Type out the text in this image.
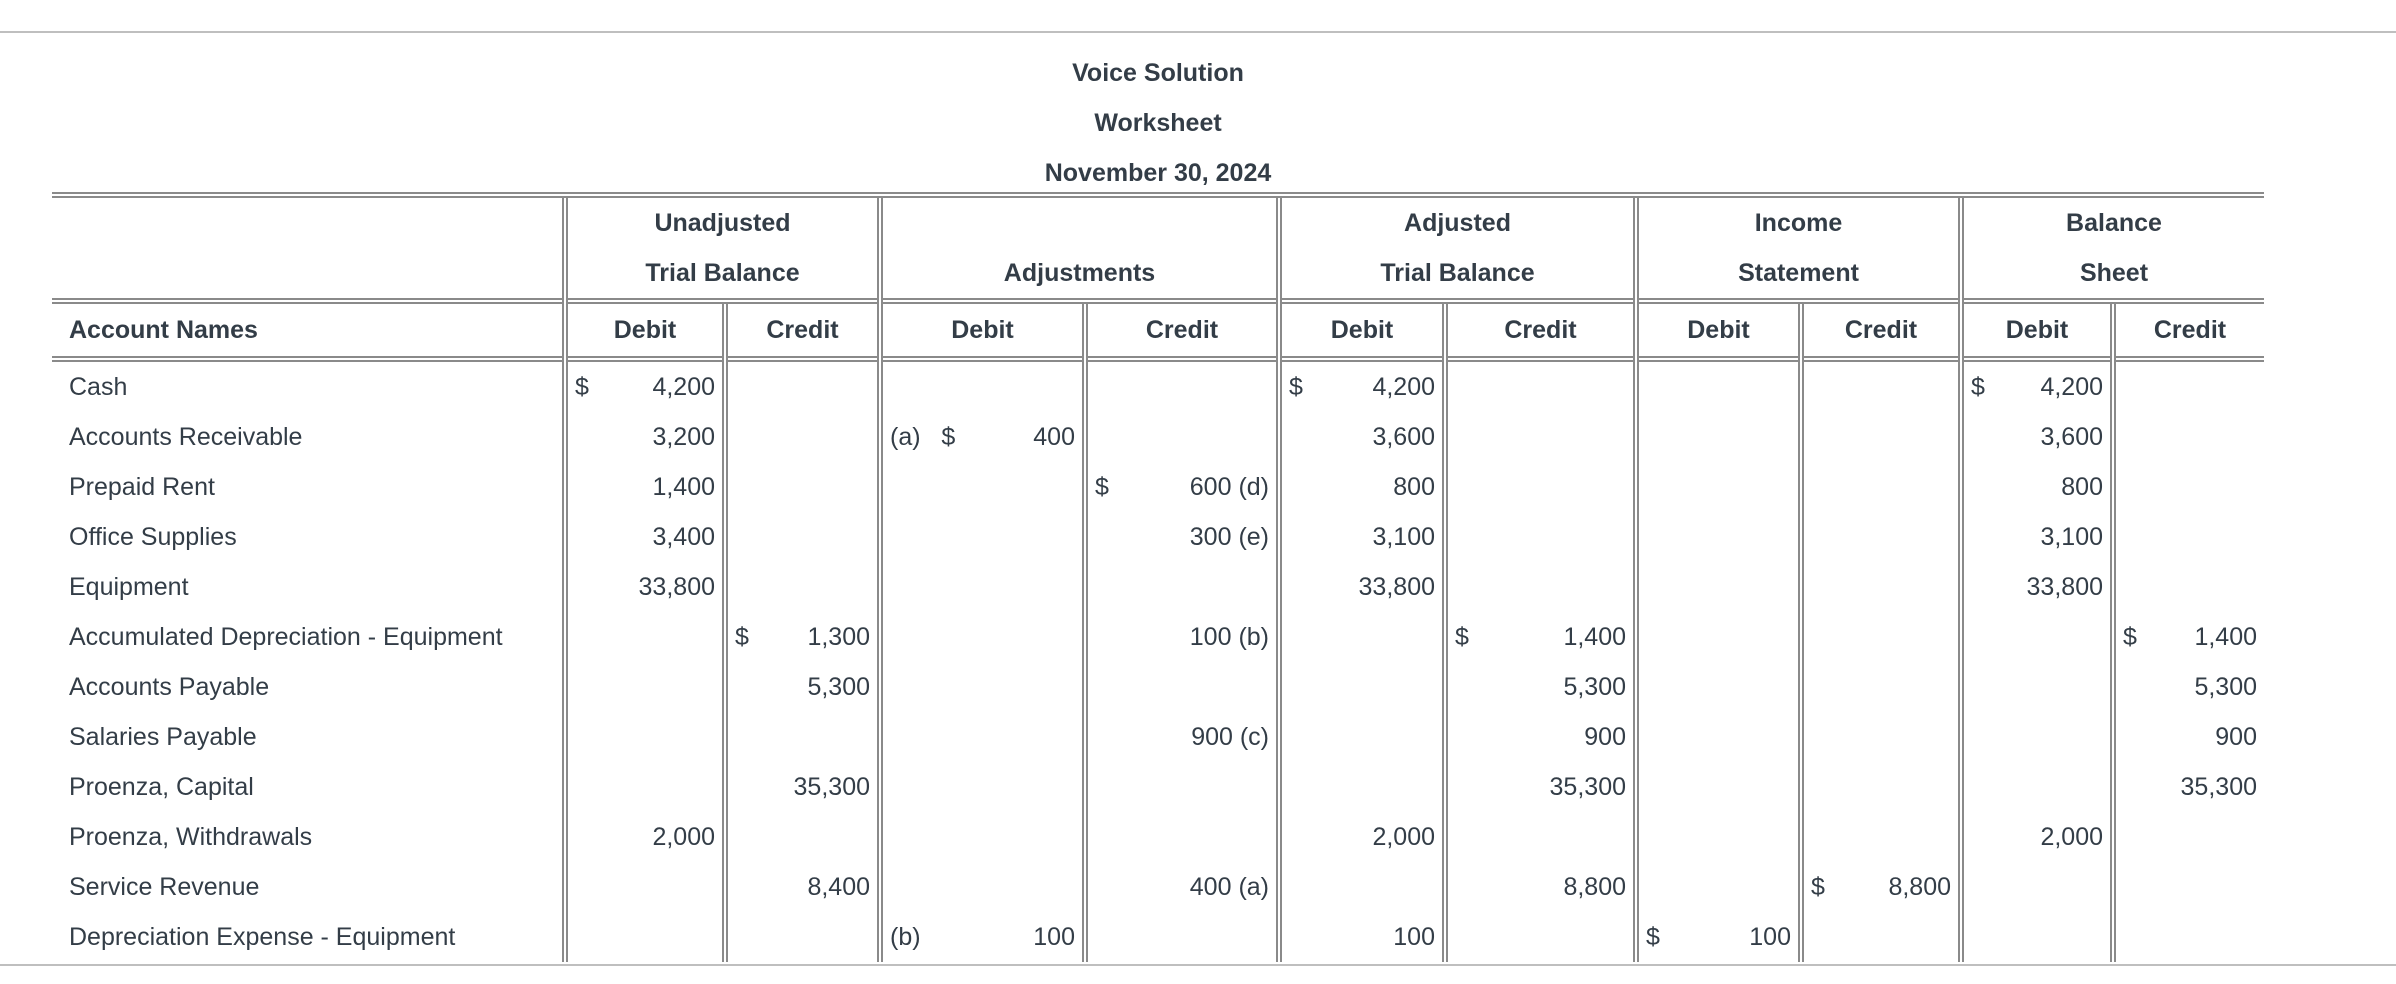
Voice Solution
Worksheet
November 30, 2024

	Unadjusted				Adjusted		Income		Balance	
	Trial Balance		Adjustments		Trial Balance		Statement		Sheet	

Account Names	Debit	Credit	Debit	Credit	Debit	Credit	Debit	Credit	Debit	Credit

Cash	$ 4,200				$ 4,200				$ 4,200	

Accounts Receivable	3,200		(a)   $ 400		3,600				3,600	

Prepaid Rent	1,400			$ 600 (d)	800				800	

Office Supplies	3,400			300 (e)	3,100				3,100	

Equipment	33,800				33,800				33,800	

Accumulated Depreciation - Equipment		$ 1,300		100 (b)		$ 1,400				$ 1,400

Accounts Payable		5,300				5,300				5,300

Salaries Payable				900 (c)		900				900

Proenza, Capital		35,300				35,300				35,300

Proenza, Withdrawals	2,000				2,000				2,000	

Service Revenue		8,400		400 (a)		8,800		$ 8,800		

Depreciation Expense - Equipment			(b) 100		100		$ 100			
